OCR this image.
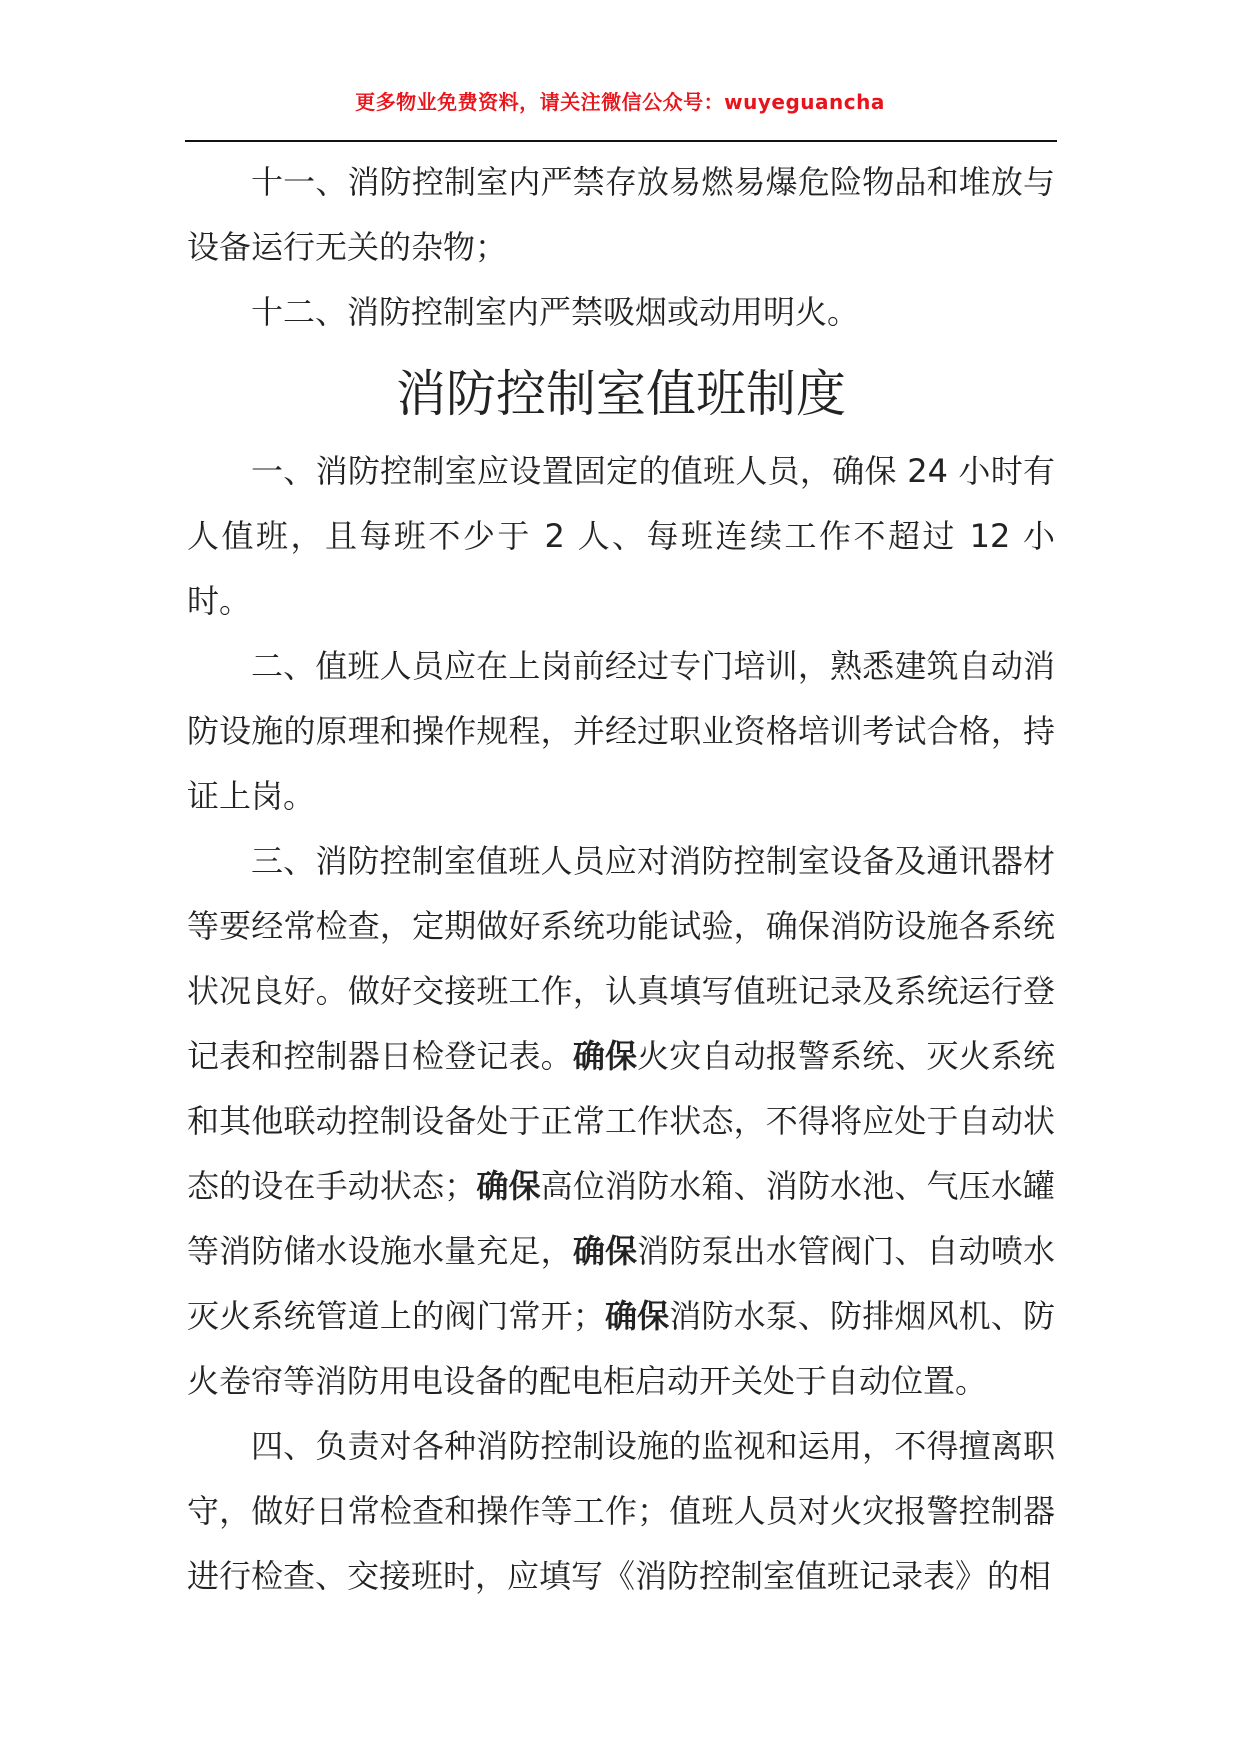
更多物业免费资料，请关注微信公众号：wuyeguancha

十一、消防控制室内严禁存放易燃易爆危险物品和堆放与设备运行无关的杂物；

十二、消防控制室内严禁吸烟或动用明火。

消防控制室值班制度

一、消防控制室应设置固定的值班人员，确保 24 小时有人值班，且每班不少于 2 人、每班连续工作不超过 12 小时。

二、值班人员应在上岗前经过专门培训，熟悉建筑自动消防设施的原理和操作规程，并经过职业资格培训考试合格，持证上岗。

三、消防控制室值班人员应对消防控制室设备及通讯器材等要经常检查，定期做好系统功能试验，确保消防设施各系统状况良好。做好交接班工作，认真填写值班记录及系统运行登记表和控制器日检登记表。确保火灾自动报警系统、灭火系统和其他联动控制设备处于正常工作状态，不得将应处于自动状态的设在手动状态；确保高位消防水箱、消防水池、气压水罐等消防储水设施水量充足，确保消防泵出水管阀门、自动喷水灭火系统管道上的阀门常开；确保消防水泵、防排烟风机、防火卷帘等消防用电设备的配电柜启动开关处于自动位置。

四、负责对各种消防控制设施的监视和运用，不得擅离职守，做好日常检查和操作等工作；值班人员对火灾报警控制器进行检查、交接班时，应填写《消防控制室值班记录表》的相
